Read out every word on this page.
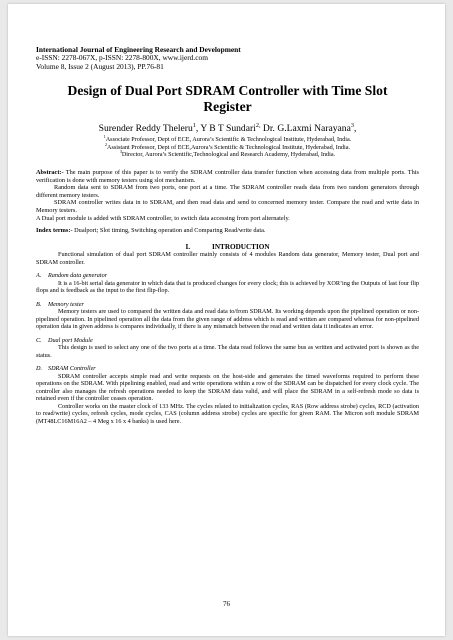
International Journal of Engineering Research and Development
e-ISSN: 2278-067X, p-ISSN: 2278-800X, www.ijerd.com
Volume 8, Issue 2 (August 2013), PP.76-81
Design of Dual Port SDRAM Controller with Time Slot Register
Surender Reddy Theleru$^1$, Y B T Sundari$^{2,}$ Dr. G.Laxmi Narayana$^3$,
$^1$Associate Professor, Dept of ECE, Aurora’s Scientific & Technological Institute, Hyderabad, India.
$^2$Assistant Professor, Dept of ECE,Aurora’s Scientific & Technological Institute, Hyderabad, India.
$^3$Director, Aurora’s Scientific,Technological and Research Academy, Hyderabad, India.

Abstract:- The main purpose of this paper is to verify the SDRAM controller data transfer function when accessing data from multiple ports. This verification is done with memory testers using slot mechanism.

Random data sent to SDRAM from two ports, one port at a time. The SDRAM controller reads data from two random generators through different memory testers.

SDRAM controller writes data in to SDRAM, and then read data and send to concerned memory tester. Compare the read and write data in Memory testers.

A Dual port module is added with SDRAM controller, to switch data accessing from port alternately.

Index terms:- Dualport; Slot timing, Switching operation and Comparing Read/write data.
I.	INTRODUCTION

Functional simulation of dual port SDRAM controller mainly consists of 4 modules Random data generator, Memory tester, Dual port and SDRAM controller.

A. Random data generator

It is a 16-bit serial data generator in which data that is produced changes for every clock; this is achieved by XOR’ing the Outputs of last four flip flops and is feedback as the input to the first flip-flop.

B. Memory tester

Memory testers are used to compared the written data and read data to/from SDRAM. Its working depends upon the pipelined operation or non-pipelined operation. In pipelined operation all the data from the given range of address which is read and written are compared whereas for non-pipelined operation data in given address is compares individually, if there is any mismatch between the read and written data it indicates an error.

C. Dual port Module

This design is used to select any one of the two ports at a time. The data read follows the same bus as written and activated port is shown as the status.

D. SDRAM Controller

SDRAM controller accepts simple read and write requests on the host-side and generates the timed waveforms required to perform these operations on the SDRAM. With pipelining enabled, read and write operations within a row of the SDRAM can be dispatched for every clock cycle. The controller also manages the refresh operations needed to keep the SDRAM data valid, and will place the SDRAM in a self-refresh mode so data is retained even if the controller ceases operation.

Controller works on the master clock of 133 MHz. The cycles related to initialization cycles, RAS (Row address strobe) cycles, RCD (activation to read/write) cycles, refresh cycles, mode cycles, CAS (column address strobe) cycles are specific for given RAM. The Micron soft module SDRAM (MT48LC16M16A2 – 4 Meg x 16 x 4 banks) is used here.

76
